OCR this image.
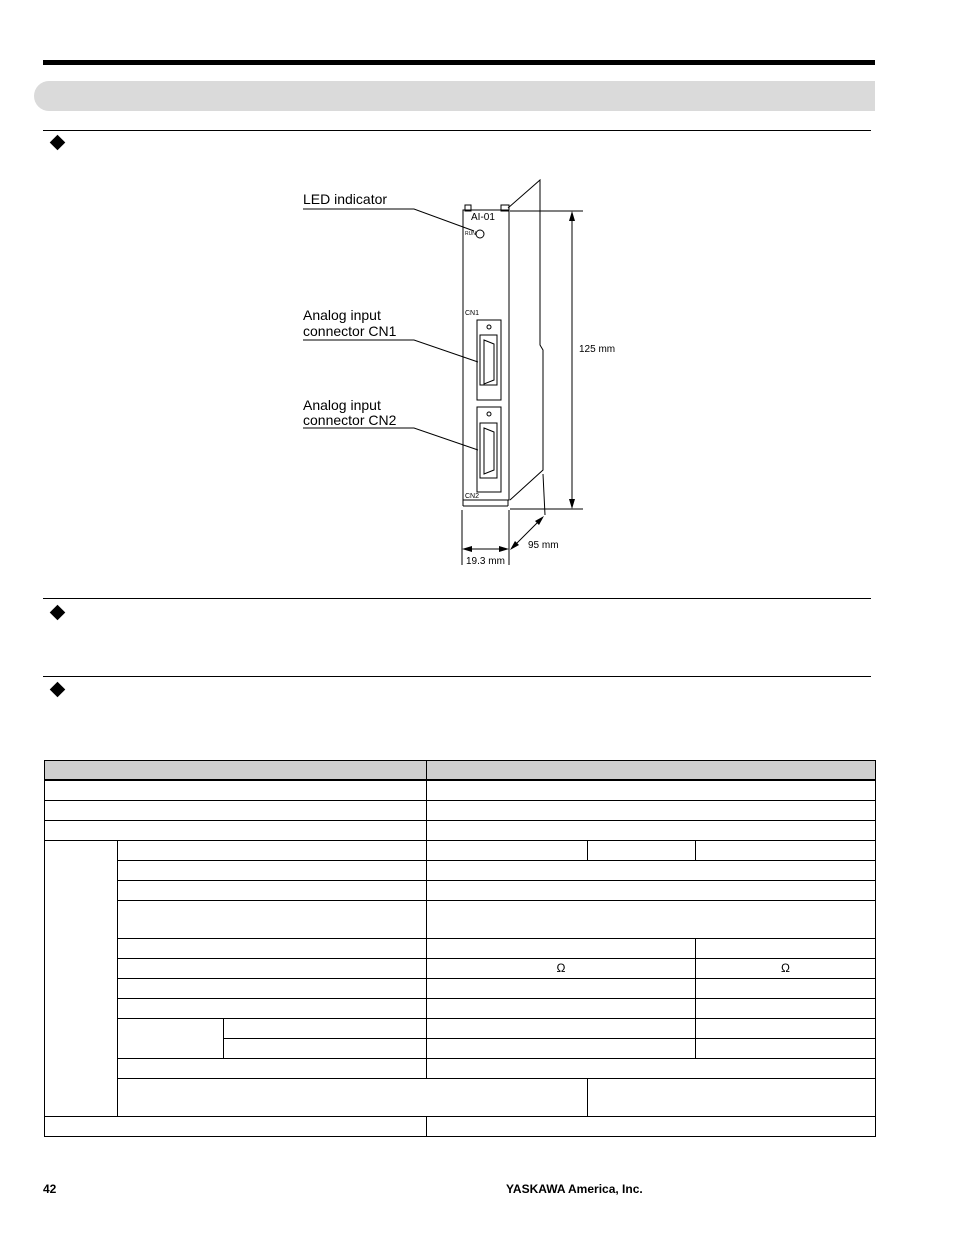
LED indicator
Analog input
connector CN1
Analog input
connector CN2
AI-01
RUN
CN1
CN2
125 mm
95 mm
19.3 mm

			Ω		Ω

42	YASKAWA America, Inc.
